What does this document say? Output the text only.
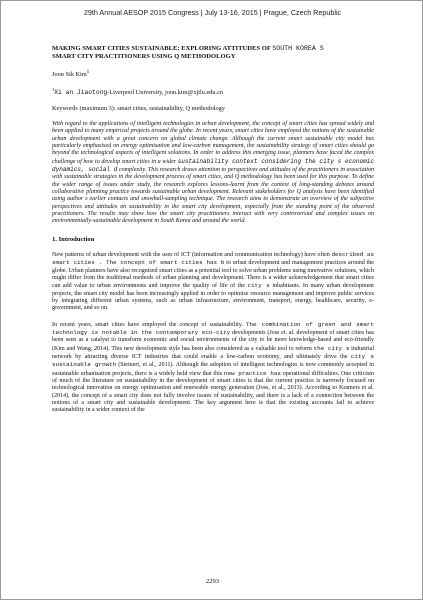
29th Annual AESOP 2015 Congress | July 13-16, 2015 | Prague, Czech Republic
MAKING SMART CITIES SUSTAINABLE: EXPLORING ATTITUDES OF SOUTH KOREA S
SMART CITY PRACTITIONERS USING Q METHODOLOGY
Joon Sik Kim$^1$
$^1$Xi an Jiaotong-Liverpool University, joon.kim@xjtlu.edu.cn
Keywords (maximum 3): smart cities, sustainability, Q methodology
With regard to the applications of intelligent technologies in urban development, the concept of smart cities has spread widely and been applied to many empirical projects around the globe. In recent years, smart cities have employed the notions of the sustainable urban development with a great concern on global climate change. Although the current smart sustainable city model has particularly emphasised on energy optimisation and low-carbon management, the sustainability strategy of smart cities should go beyond the technological aspects of intelligent solutions. In order to address this emerging issue, planners have faced the complex challenge of how to develop smart cities in a wider sustainability context considering the city s economic dynamics, social d complexity. This research draws attention to perspectives and attitudes of the practitioners in association with sustainable strategies in the development process of smart cities, and Q methodology has been used for this purpose. To define the wider range of issues under study, the research explores lessons-learnt from the context of long-standing debates around collaborative planning practice towards sustainable urban development. Relevant stakeholders for Q analysis have been identified using author s earlier contacts and snowball-sampling technique. The research aims to demonstrate an overview of the subjective perspectives and attitudes on sustainability in the smart city development, especially from the standing point of the observed practitioners. The results may show how the smart city practitioners interact with very controversial and complex issues on environmentally-sustainable development in South Korea and around the world.
1. Introduction
New patterns of urban development with the uses of ICT (information and communication technology) have often described as smart cities . The concept of smart cities has b to urban development and management practices around the globe. Urban planners have also recognised smart cities as a potential tool to solve urban problems using innovative solutions, which might differ from the traditional methods of urban planning and development. There is a wider acknowledgement that smart cities can add value to urban environments and improve the quality of life of the city s inhabitants. In many urban development projects, the smart city model has been increasingly applied in order to optimise resource management and improve public services by integrating different urban systems, such as urban infrastructure, environment, transport, energy, healthcare, security, e-government, and so on.
In recent years, smart cities have employed the concept of sustainability. The combination of green and smart technology is notable in the contemporary eco-city developments (Joss et. al. development of smart cities has been seen as a catalyst to transform economic and social environments of the city to be more knowledge-based and eco-friendly (Kim and Wang, 2014). This new development style has been also considered as a valuable tool to reform the city s industrial network by attracting diverse ICT industries that could enable a low-carbon economy, and ultimately drive the city s sustainable growth (Steinert, et al., 2011). Although the adoption of intelligent technologies is now commonly accepted in sustainable urbanisation projects, there is a widely held view that this new practice has operational difficulties. One criticism of much of the literature on sustainability in the development of smart cities is that the current practice is narrowly focused on technological innovation on energy optimisation and renewable energy generation (Joss, et al., 2013). According to Kramers et al. (2014), the concept of a smart city does not fully involve issues of sustainability, and there is a lack of a connection between the notions of a smart city and sustainable development. The key argument here is that the existing accounts fail to achieve sustainability in a wider context of the
2293
